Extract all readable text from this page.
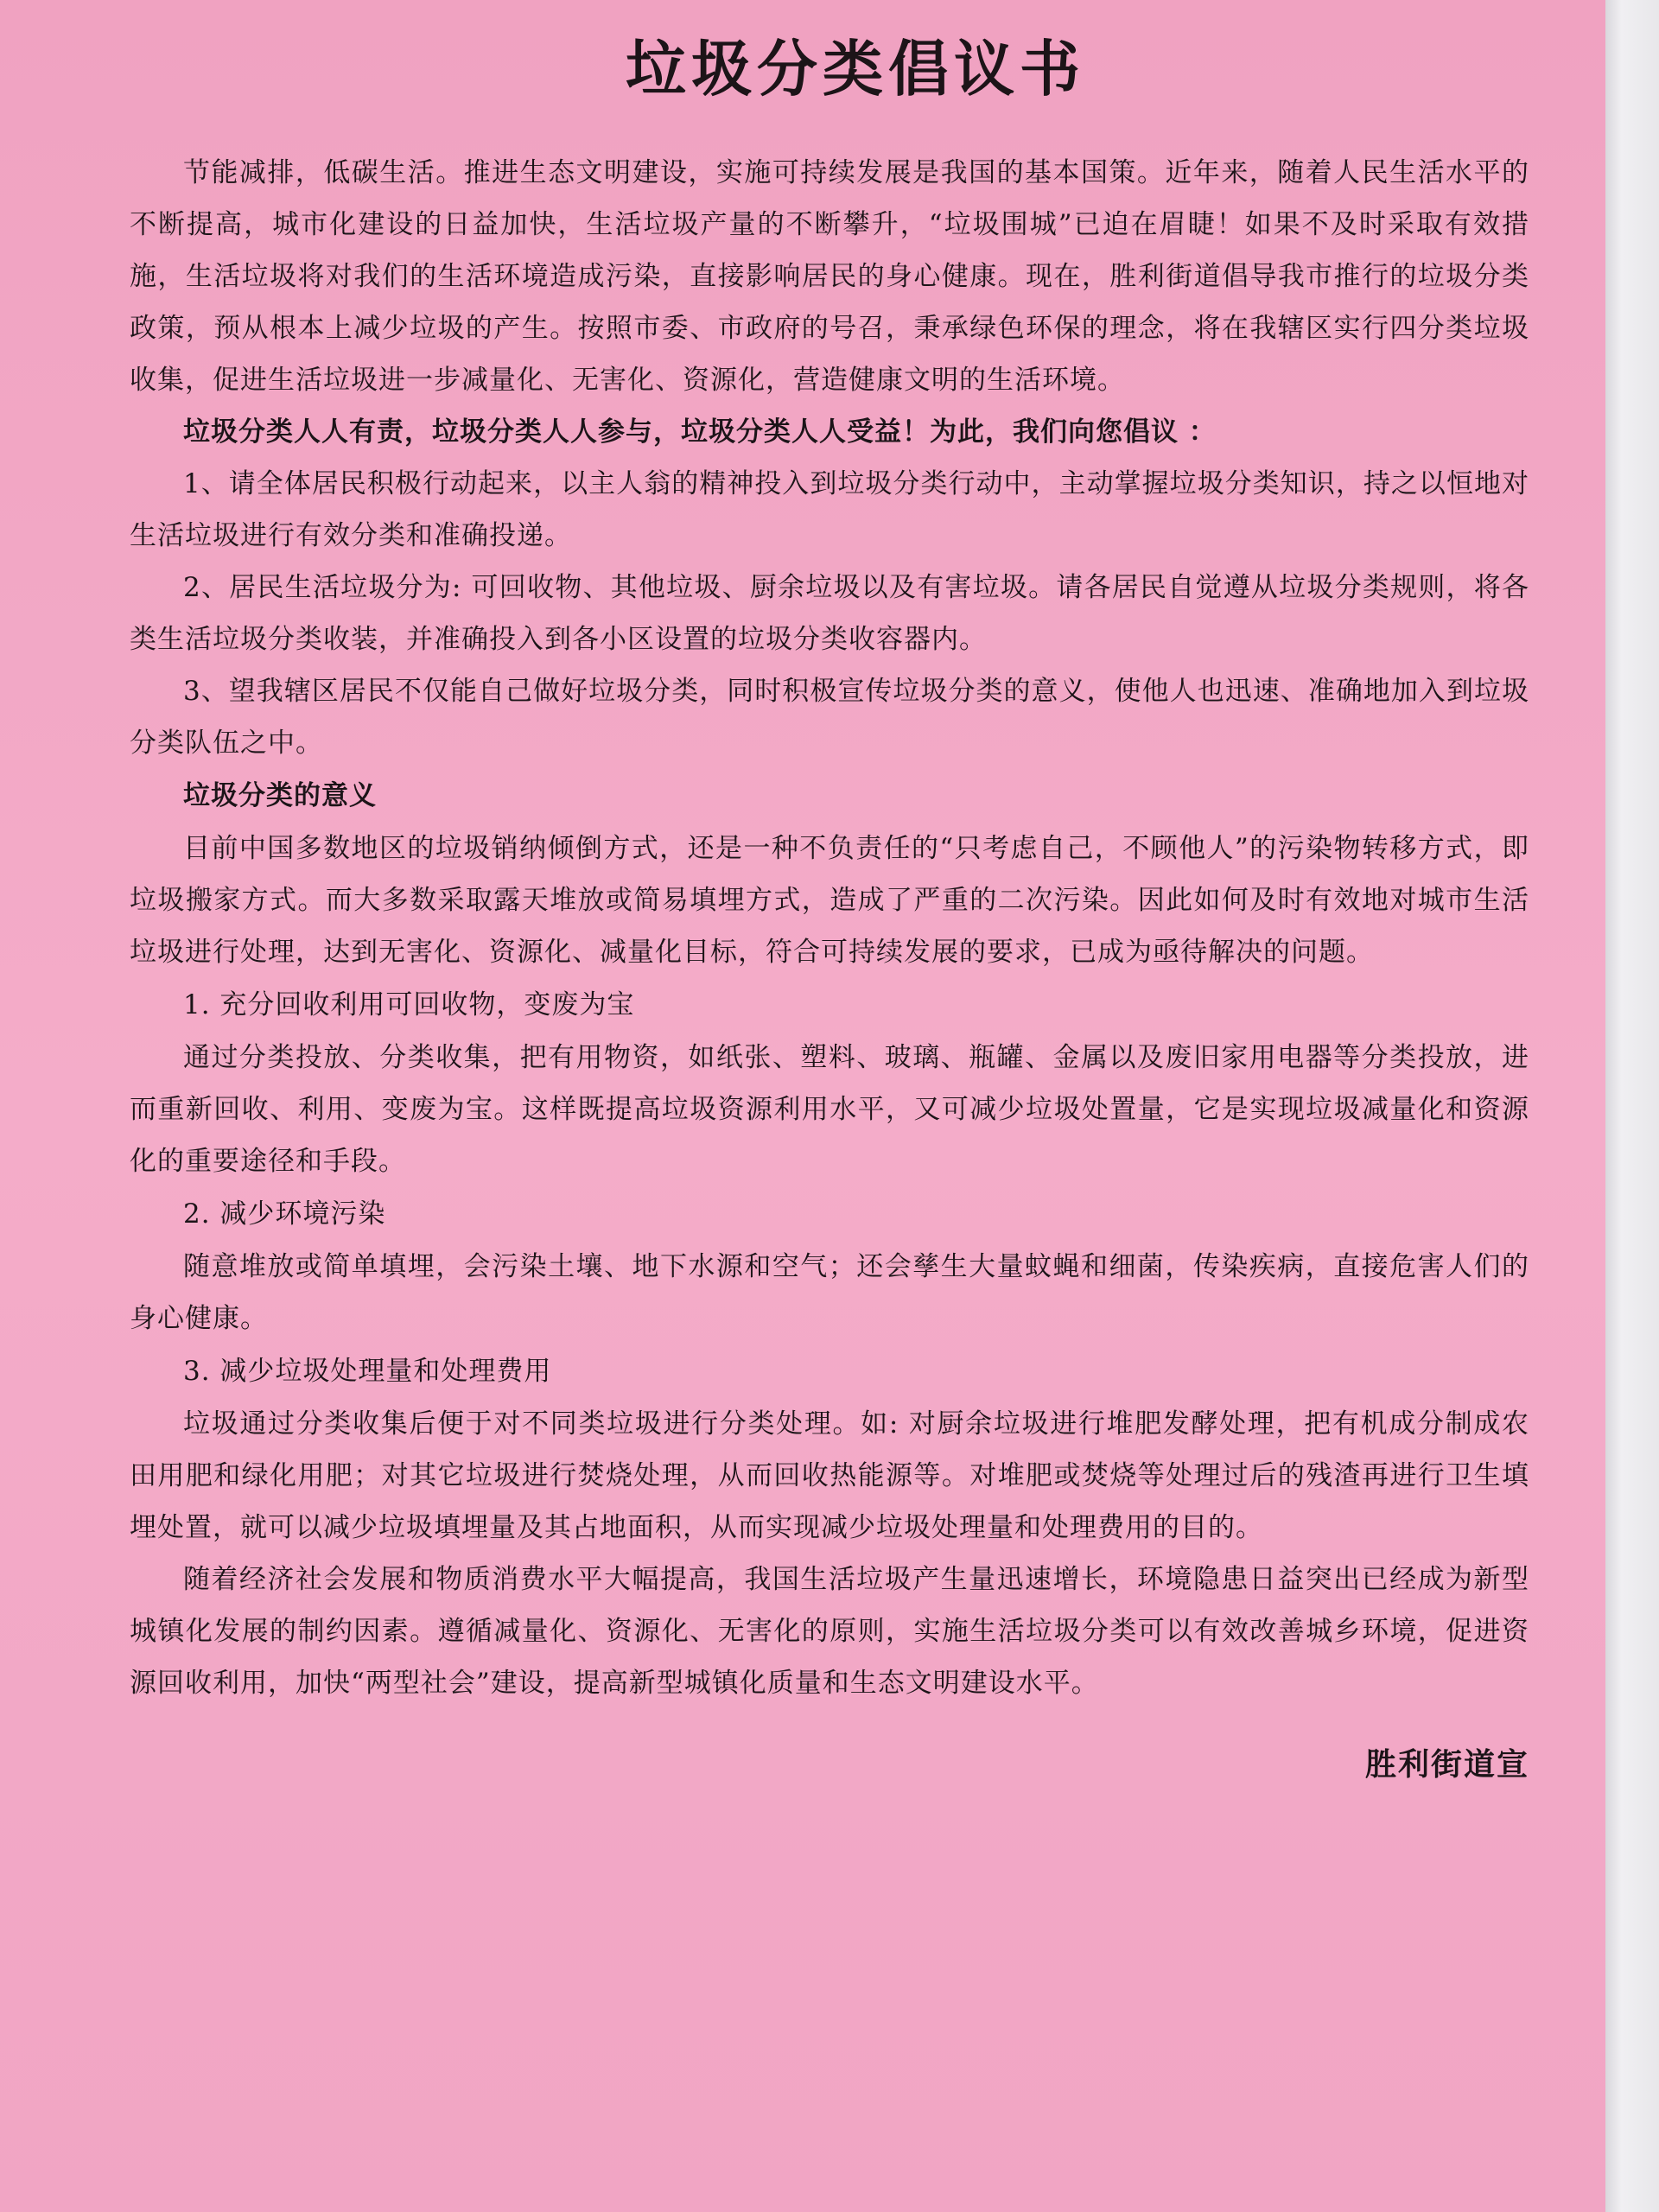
垃圾分类倡议书

节能减排，低碳生活。推进生态文明建设，实施可持续发展是我国的基本国策。近年来，随着人民生活水平的不断提高，城市化建设的日益加快，生活垃圾产量的不断攀升，“垃圾围城”已迫在眉睫！如果不及时采取有效措施，生活垃圾将对我们的生活环境造成污染，直接影响居民的身心健康。现在，胜利街道倡导我市推行的垃圾分类政策，预从根本上减少垃圾的产生。按照市委、市政府的号召，秉承绿色环保的理念，将在我辖区实行四分类垃圾收集，促进生活垃圾进一步减量化、无害化、资源化，营造健康文明的生活环境。

垃圾分类人人有责，垃圾分类人人参与，垃圾分类人人受益！为此，我们向您倡议 ：

1、请全体居民积极行动起来，以主人翁的精神投入到垃圾分类行动中，主动掌握垃圾分类知识，持之以恒地对生活垃圾进行有效分类和准确投递。

2、居民生活垃圾分为: 可回收物、其他垃圾、厨余垃圾以及有害垃圾。请各居民自觉遵从垃圾分类规则，将各类生活垃圾分类收装，并准确投入到各小区设置的垃圾分类收容器内。

3、望我辖区居民不仅能自己做好垃圾分类，同时积极宣传垃圾分类的意义，使他人也迅速、准确地加入到垃圾分类队伍之中。

垃圾分类的意义

目前中国多数地区的垃圾销纳倾倒方式，还是一种不负责任的“只考虑自己，不顾他人”的污染物转移方式，即垃圾搬家方式。而大多数采取露天堆放或简易填埋方式，造成了严重的二次污染。因此如何及时有效地对城市生活垃圾进行处理，达到无害化、资源化、减量化目标，符合可持续发展的要求，已成为亟待解决的问题。

1. 充分回收利用可回收物，变废为宝

通过分类投放、分类收集，把有用物资，如纸张、塑料、玻璃、瓶罐、金属以及废旧家用电器等分类投放，进而重新回收、利用、变废为宝。这样既提高垃圾资源利用水平，又可减少垃圾处置量，它是实现垃圾减量化和资源化的重要途径和手段。

2. 减少环境污染

随意堆放或简单填埋，会污染土壤、地下水源和空气；还会孳生大量蚊蝇和细菌，传染疾病，直接危害人们的身心健康。

3. 减少垃圾处理量和处理费用

垃圾通过分类收集后便于对不同类垃圾进行分类处理。如: 对厨余垃圾进行堆肥发酵处理，把有机成分制成农田用肥和绿化用肥；对其它垃圾进行焚烧处理，从而回收热能源等。对堆肥或焚烧等处理过后的残渣再进行卫生填埋处置，就可以减少垃圾填埋量及其占地面积，从而实现减少垃圾处理量和处理费用的目的。

随着经济社会发展和物质消费水平大幅提高，我国生活垃圾产生量迅速增长，环境隐患日益突出已经成为新型城镇化发展的制约因素。遵循减量化、资源化、无害化的原则，实施生活垃圾分类可以有效改善城乡环境，促进资源回收利用，加快“两型社会”建设，提高新型城镇化质量和生态文明建设水平。

胜利街道宣
